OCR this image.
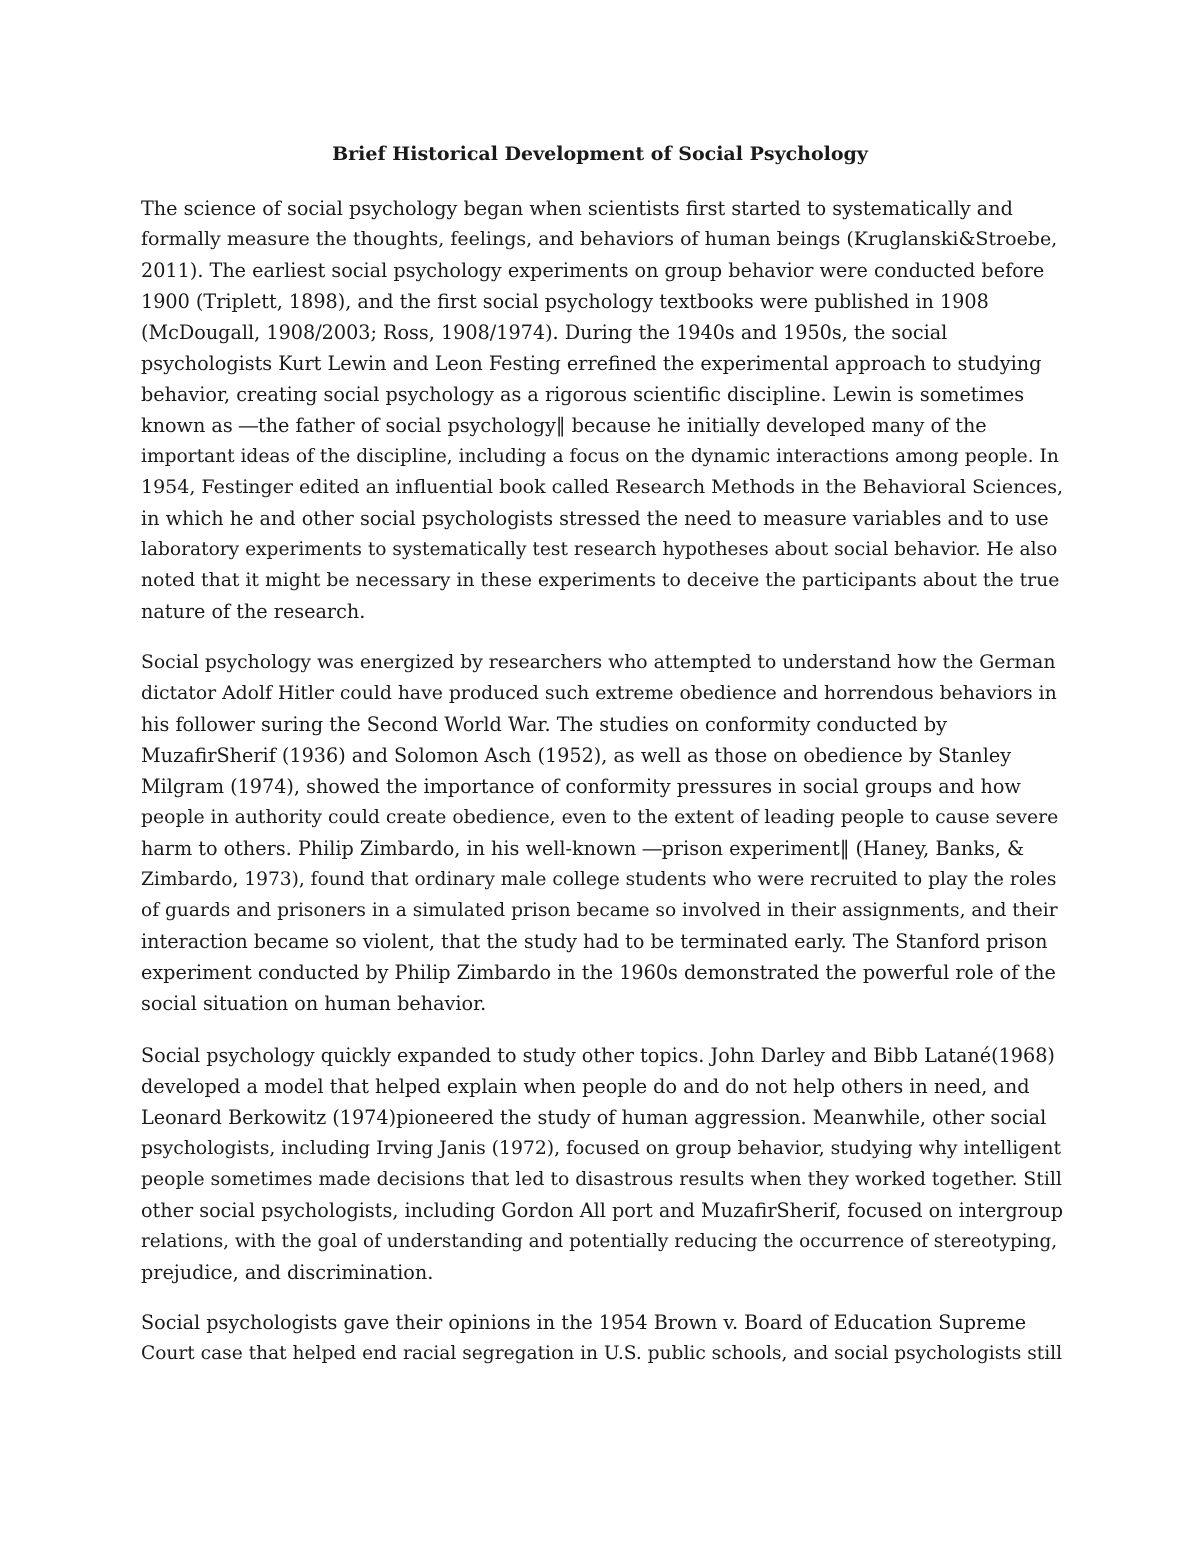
Brief Historical Development of Social Psychology

The science of social psychology began when scientists first started to systematically and
formally measure the thoughts, feelings, and behaviors of human beings (Kruglanski&Stroebe,
2011). The earliest social psychology experiments on group behavior were conducted before
1900 (Triplett, 1898), and the first social psychology textbooks were published in 1908
(McDougall, 1908/2003; Ross, 1908/1974). During the 1940s and 1950s, the social
psychologists Kurt Lewin and Leon Festing errefined the experimental approach to studying
behavior, creating social psychology as a rigorous scientific discipline. Lewin is sometimes
known as ―the father of social psychology‖ because he initially developed many of the
important ideas of the discipline, including a focus on the dynamic interactions among people. In
1954, Festinger edited an influential book called Research Methods in the Behavioral Sciences,
in which he and other social psychologists stressed the need to measure variables and to use
laboratory experiments to systematically test research hypotheses about social behavior. He also
noted that it might be necessary in these experiments to deceive the participants about the true
nature of the research.

Social psychology was energized by researchers who attempted to understand how the German
dictator Adolf Hitler could have produced such extreme obedience and horrendous behaviors in
his follower suring the Second World War. The studies on conformity conducted by
MuzafirSherif (1936) and Solomon Asch (1952), as well as those on obedience by Stanley
Milgram (1974), showed the importance of conformity pressures in social groups and how
people in authority could create obedience, even to the extent of leading people to cause severe
harm to others. Philip Zimbardo, in his well-known ―prison experiment‖ (Haney, Banks, &
Zimbardo, 1973), found that ordinary male college students who were recruited to play the roles
of guards and prisoners in a simulated prison became so involved in their assignments, and their
interaction became so violent, that the study had to be terminated early. The Stanford prison
experiment conducted by Philip Zimbardo in the 1960s demonstrated the powerful role of the
social situation on human behavior.

Social psychology quickly expanded to study other topics. John Darley and Bibb Latané(1968)
developed a model that helped explain when people do and do not help others in need, and
Leonard Berkowitz (1974)pioneered the study of human aggression. Meanwhile, other social
psychologists, including Irving Janis (1972), focused on group behavior, studying why intelligent
people sometimes made decisions that led to disastrous results when they worked together. Still
other social psychologists, including Gordon All port and MuzafirSherif, focused on intergroup
relations, with the goal of understanding and potentially reducing the occurrence of stereotyping,
prejudice, and discrimination.

Social psychologists gave their opinions in the 1954 Brown v. Board of Education Supreme
Court case that helped end racial segregation in U.S. public schools, and social psychologists still
